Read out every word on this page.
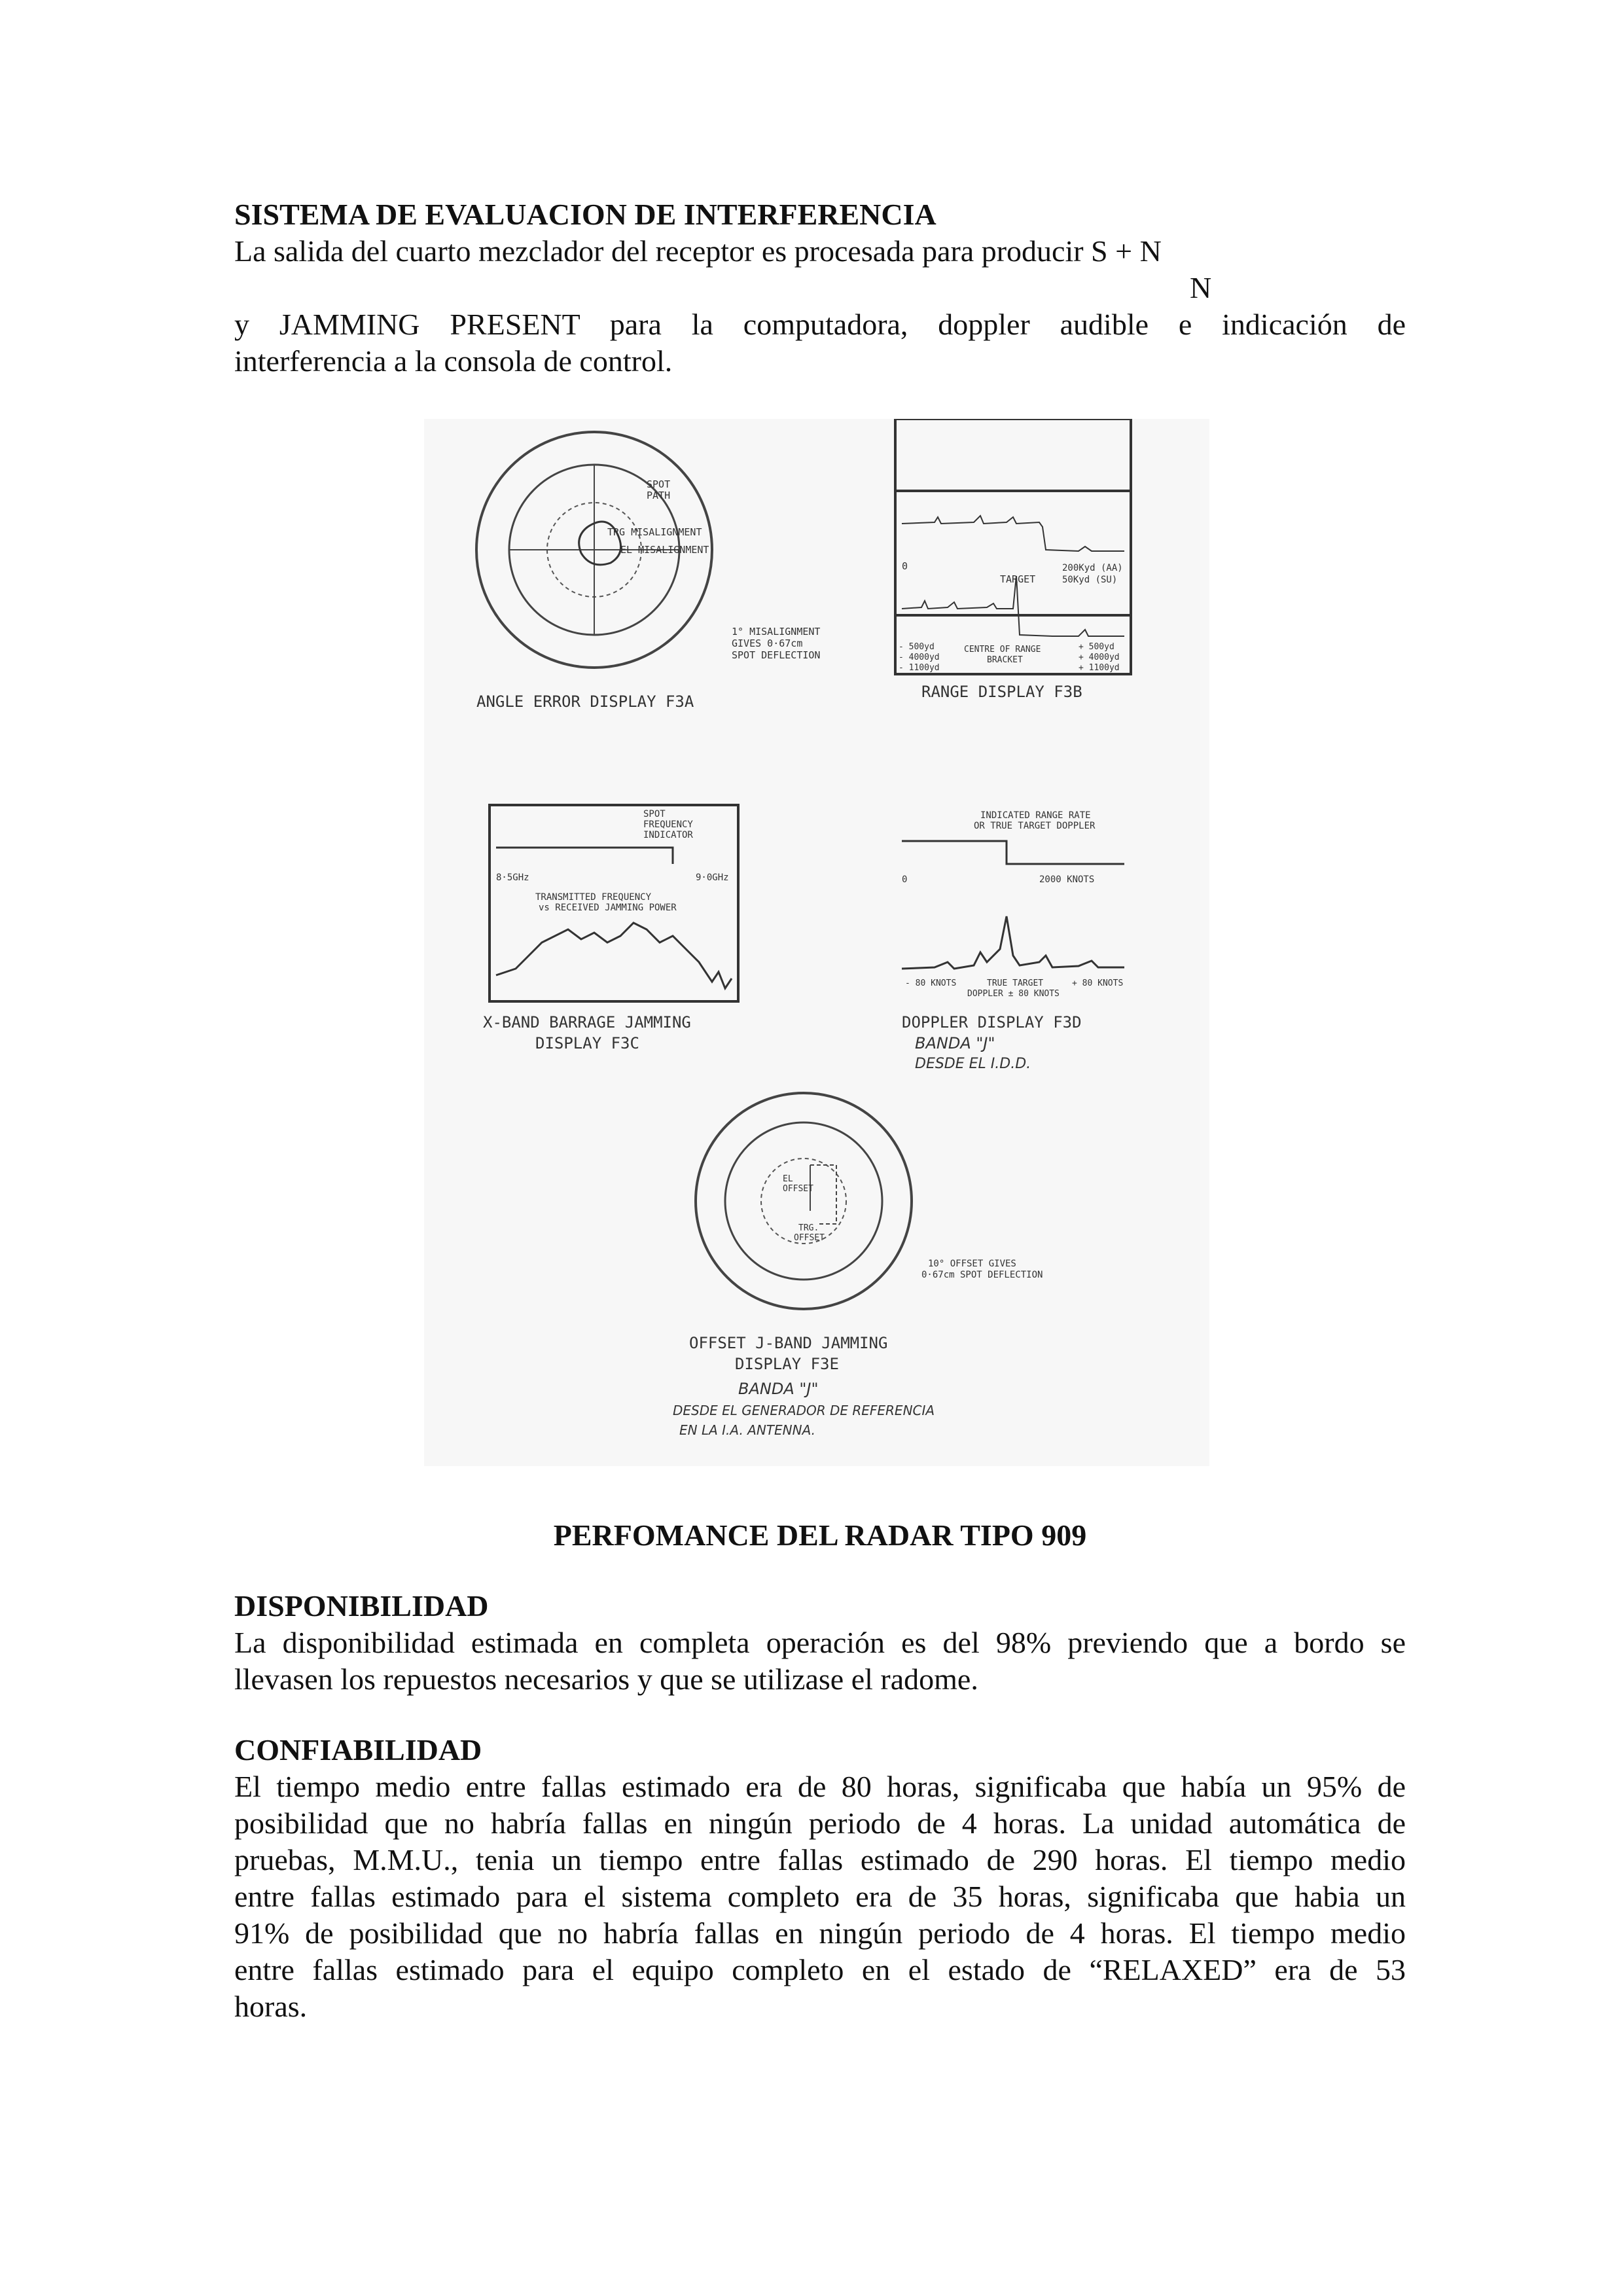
SISTEMA DE EVALUACION DE INTERFERENCIA
La salida del cuarto mezclador del receptor es procesada para producir S + N
N
y JAMMING PRESENT para la computadora, doppler audible e indicación de
interferencia a la consola de control.
SPOT
PATH
TRG MISALIGNMENT
EL MISALIGNMENT
1° MISALIGNMENT
GIVES 0·67cm
SPOT DEFLECTION
ANGLE ERROR DISPLAY F3A
0
TARGET
200Kyd (AA)
50Kyd (SU)
- 500yd
- 4000yd
- 1100yd
CENTRE OF RANGE
BRACKET
+ 500yd
+ 4000yd
+ 1100yd
RANGE DISPLAY F3B
SPOT
FREQUENCY
INDICATOR
8·5GHz	9·0GHz
TRANSMITTED FREQUENCY
vs RECEIVED JAMMING POWER
X-BAND BARRAGE JAMMING
DISPLAY F3C
INDICATED RANGE RATE
OR TRUE TARGET DOPPLER
0	2000 KNOTS
- 80 KNOTS	TRUE TARGET	+ 80 KNOTS
DOPPLER ± 80 KNOTS
DOPPLER DISPLAY F3D
BANDA "J"
DESDE EL I.D.D.
EL
OFFSET
TRG.
OFFSET
10° OFFSET GIVES
0·67cm SPOT DEFLECTION
OFFSET J-BAND JAMMING
DISPLAY F3E
BANDA "J"
DESDE EL GENERADOR DE REFERENCIA
EN LA I.A. ANTENNA.
PERFOMANCE DEL RADAR TIPO 909
DISPONIBILIDAD
La disponibilidad estimada en completa operación es del 98% previendo que a bordo se
llevasen los repuestos necesarios y que se utilizase el radome.
CONFIABILIDAD
El tiempo medio entre fallas estimado era de 80 horas, significaba que había un 95% de
posibilidad que no habría fallas en ningún periodo de 4 horas. La unidad automática de
pruebas, M.M.U., tenia un tiempo entre fallas estimado de 290 horas. El tiempo medio
entre fallas estimado para el sistema completo era de 35 horas, significaba que habia un
91% de posibilidad que no habría fallas en ningún periodo de 4 horas. El tiempo medio
entre fallas estimado para el equipo completo en el estado de “RELAXED” era de 53
horas.
